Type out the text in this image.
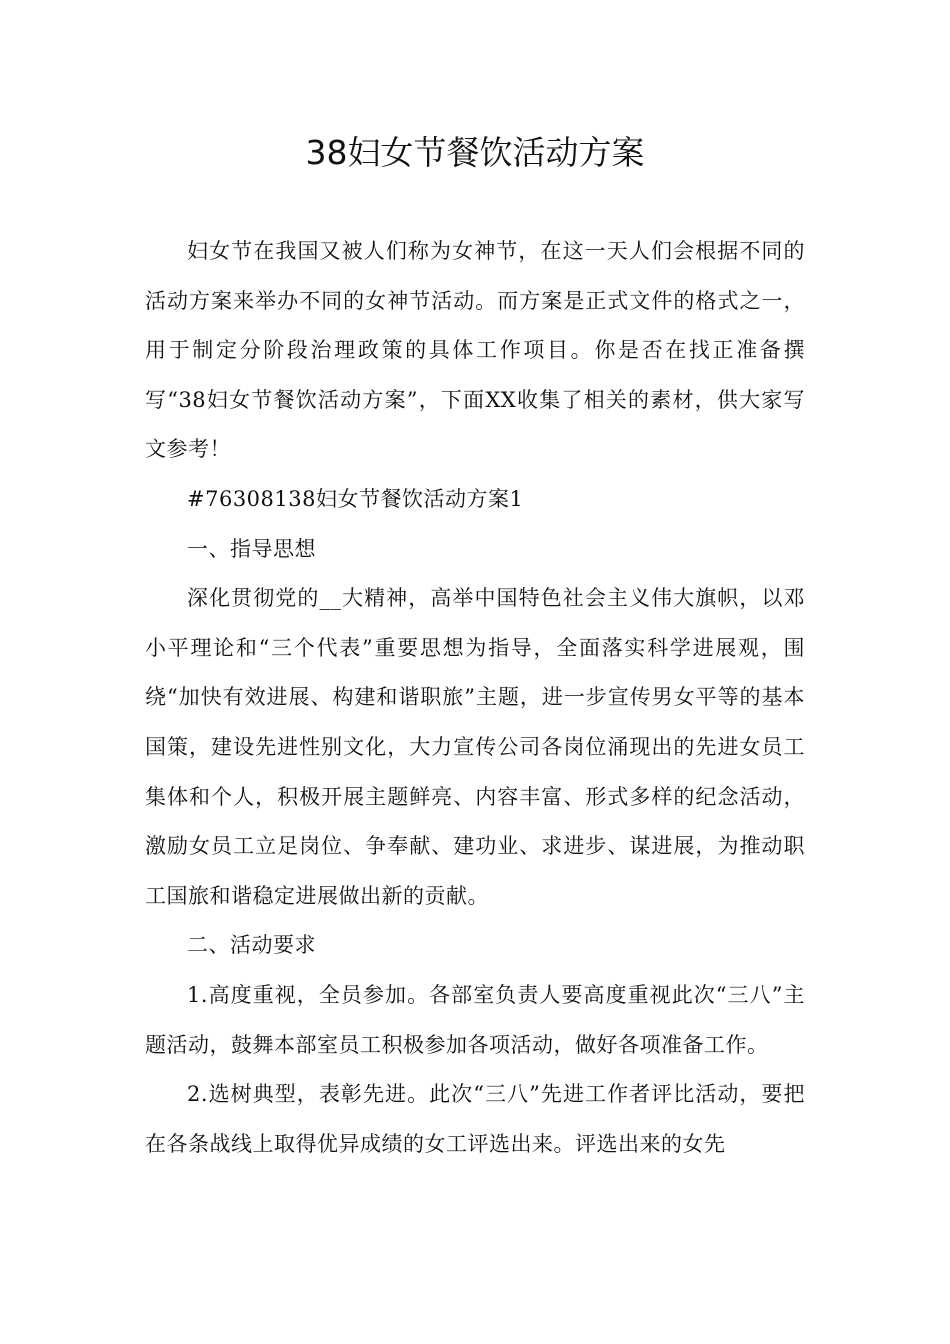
38妇女节餐饮活动方案

妇女节在我国又被人们称为女神节，在这一天人们会根据不同的活动方案来举办不同的女神节活动。而方案是正式文件的格式之一，用于制定分阶段治理政策的具体工作项目。你是否在找正准备撰写“38妇女节餐饮活动方案”，下面XX收集了相关的素材，供大家写文参考！

#76308138妇女节餐饮活动方案1

一、指导思想

深化贯彻党的__大精神，高举中国特色社会主义伟大旗帜，以邓小平理论和“三个代表”重要思想为指导，全面落实科学进展观，围绕“加快有效进展、构建和谐职旅”主题，进一步宣传男女平等的基本国策，建设先进性别文化，大力宣传公司各岗位涌现出的先进女员工集体和个人，积极开展主题鲜亮、内容丰富、形式多样的纪念活动，激励女员工立足岗位、争奉献、建功业、求进步、谋进展，为推动职工国旅和谐稳定进展做出新的贡献。

二、活动要求

1.高度重视，全员参加。各部室负责人要高度重视此次“三八”主题活动，鼓舞本部室员工积极参加各项活动，做好各项准备工作。

2.选树典型，表彰先进。此次“三八”先进工作者评比活动，要把在各条战线上取得优异成绩的女工评选出来。评选出来的女先
